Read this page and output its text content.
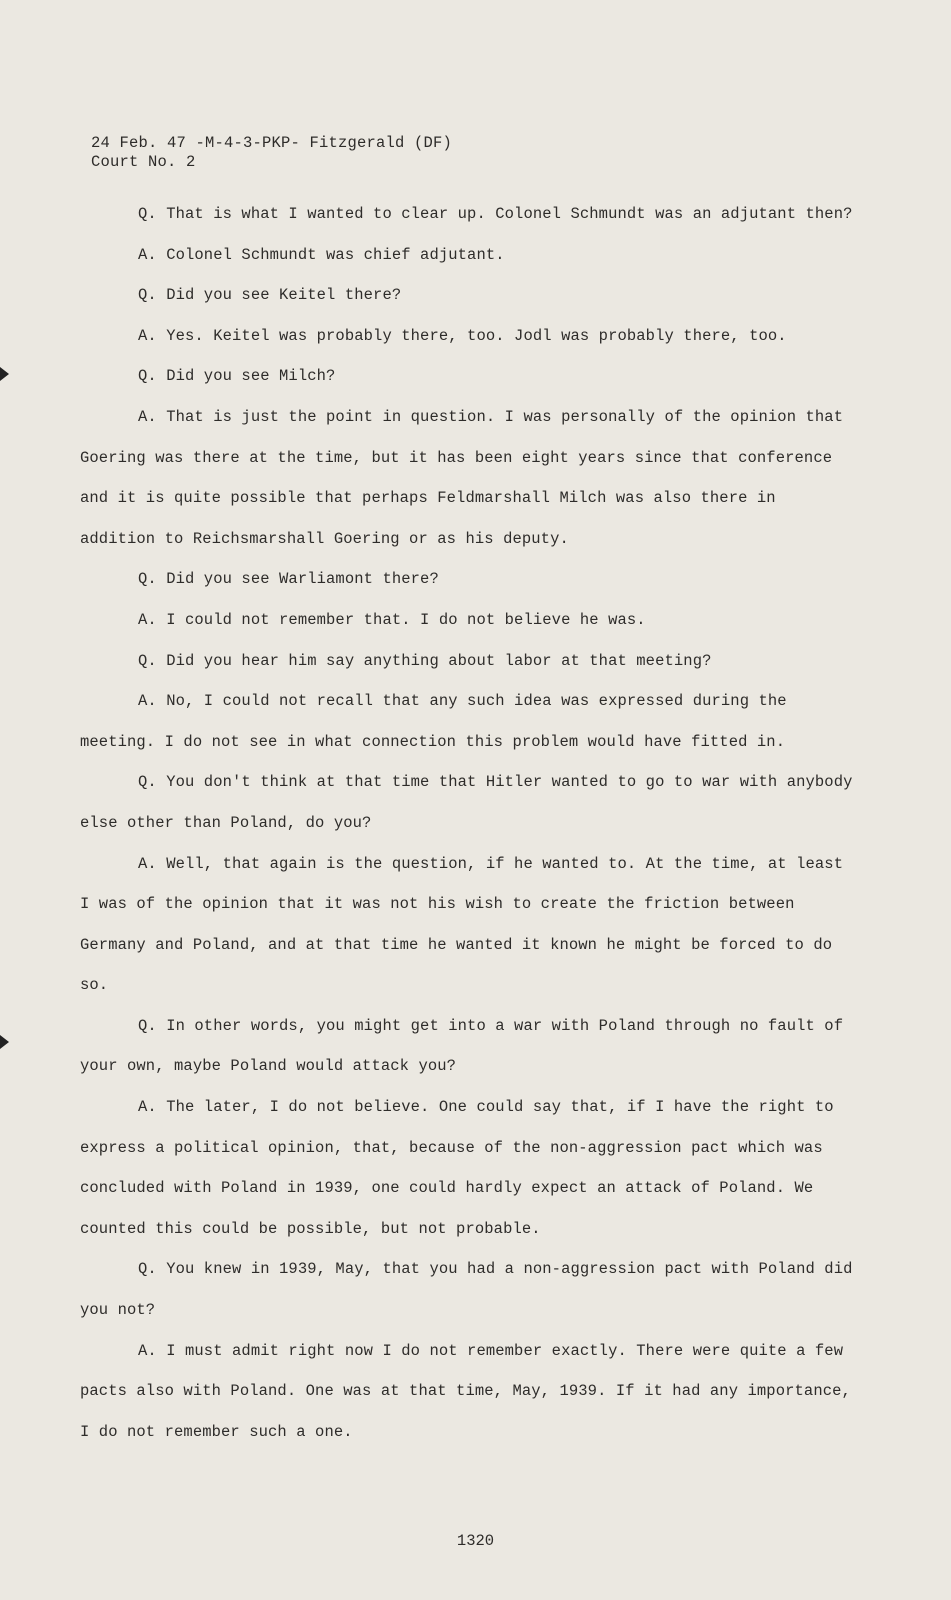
24 Feb. 47 -M-4-3-PKP- Fitzgerald (DF)
Court No. 2

Q. That is what I wanted to clear up. Colonel Schmundt was an adjutant then?

A. Colonel Schmundt was chief adjutant.

Q. Did you see Keitel there?

A. Yes. Keitel was probably there, too. Jodl was probably there, too.

Q. Did you see Milch?

A. That is just the point in question. I was personally of the opinion that Goering was there at the time, but it has been eight years since that conference and it is quite possible that perhaps Feldmarshall Milch was also there in addition to Reichsmarshall Goering or as his deputy.

Q. Did you see Warliamont there?

A. I could not remember that. I do not believe he was.

Q. Did you hear him say anything about labor at that meeting?

A. No, I could not recall that any such idea was expressed during the meeting. I do not see in what connection this problem would have fitted in.

Q. You don't think at that time that Hitler wanted to go to war with anybody else other than Poland, do you?

A. Well, that again is the question, if he wanted to. At the time, at least I was of the opinion that it was not his wish to create the friction between Germany and Poland, and at that time he wanted it known he might be forced to do so.

Q. In other words, you might get into a war with Poland through no fault of your own, maybe Poland would attack you?

A. The later, I do not believe. One could say that, if I have the right to express a political opinion, that, because of the non-aggression pact which was concluded with Poland in 1939, one could hardly expect an attack of Poland. We counted this could be possible, but not probable.

Q. You knew in 1939, May, that you had a non-aggression pact with Poland did you not?

A. I must admit right now I do not remember exactly. There were quite a few pacts also with Poland. One was at that time, May, 1939. If it had any importance, I do not remember such a one.

1320
